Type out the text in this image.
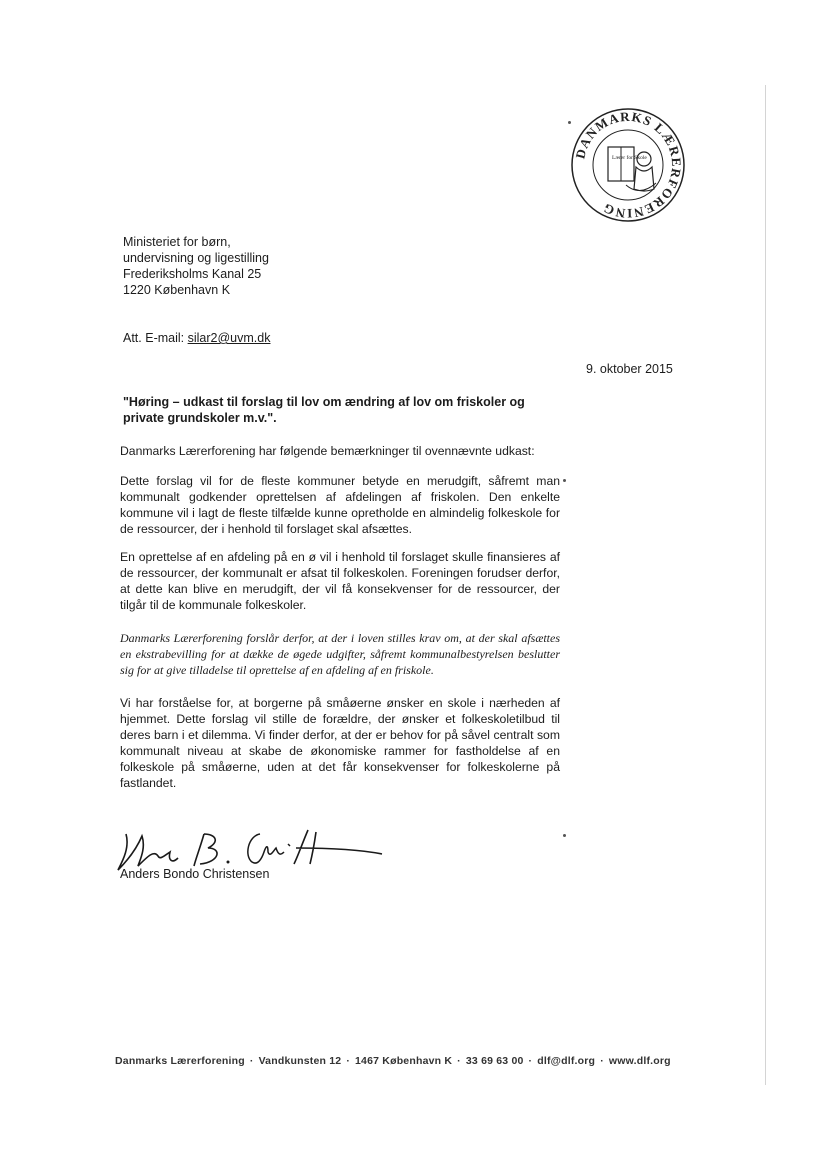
DANMARKS LÆRERFORENING
Lærer for Skole
Ministeriet for børn,
undervisning og ligestilling
Frederiksholms Kanal 25
1220 København K
Att. E-mail: silar2@uvm.dk
9. oktober 2015
"Høring – udkast til forslag til lov om ændring af lov om friskoler og private grundskoler m.v.".
Danmarks Lærerforening har følgende bemærkninger til ovennævnte udkast:
Dette forslag vil for de fleste kommuner betyde en merudgift, såfremt man kommunalt godkender oprettelsen af afdelingen af friskolen. Den enkelte kommune vil i lagt de fleste tilfælde kunne opretholde en almindelig folkeskole for de ressourcer, der i henhold til forslaget skal afsættes.
En oprettelse af en afdeling på en ø vil i henhold til forslaget skulle finansieres af de ressourcer, der kommunalt er afsat til folkeskolen. Foreningen forudser derfor, at dette kan blive en merudgift, der vil få konsekvenser for de ressourcer, der tilgår til de kommunale folkeskoler.
Danmarks Lærerforening forslår derfor, at der i loven stilles krav om, at der skal afsættes en ekstrabevilling for at dække de øgede udgifter, såfremt kommunalbestyrelsen beslutter sig for at give tilladelse til oprettelse af en afdeling af en friskole.
Vi har forståelse for, at borgerne på småøerne ønsker en skole i nærheden af hjemmet. Dette forslag vil stille de forældre, der ønsker et folkeskoletilbud til deres barn i et dilemma. Vi finder derfor, at der er behov for på såvel centralt som kommunalt niveau at skabe de økonomiske rammer for fastholdelse af en folkeskole på småøerne, uden at det får konsekvenser for folkeskolerne på fastlandet.
Anders Bondo Christensen
Danmarks Lærerforening · Vandkunsten 12 · 1467 København K · 33 69 63 00 · dlf@dlf.org · www.dlf.org
